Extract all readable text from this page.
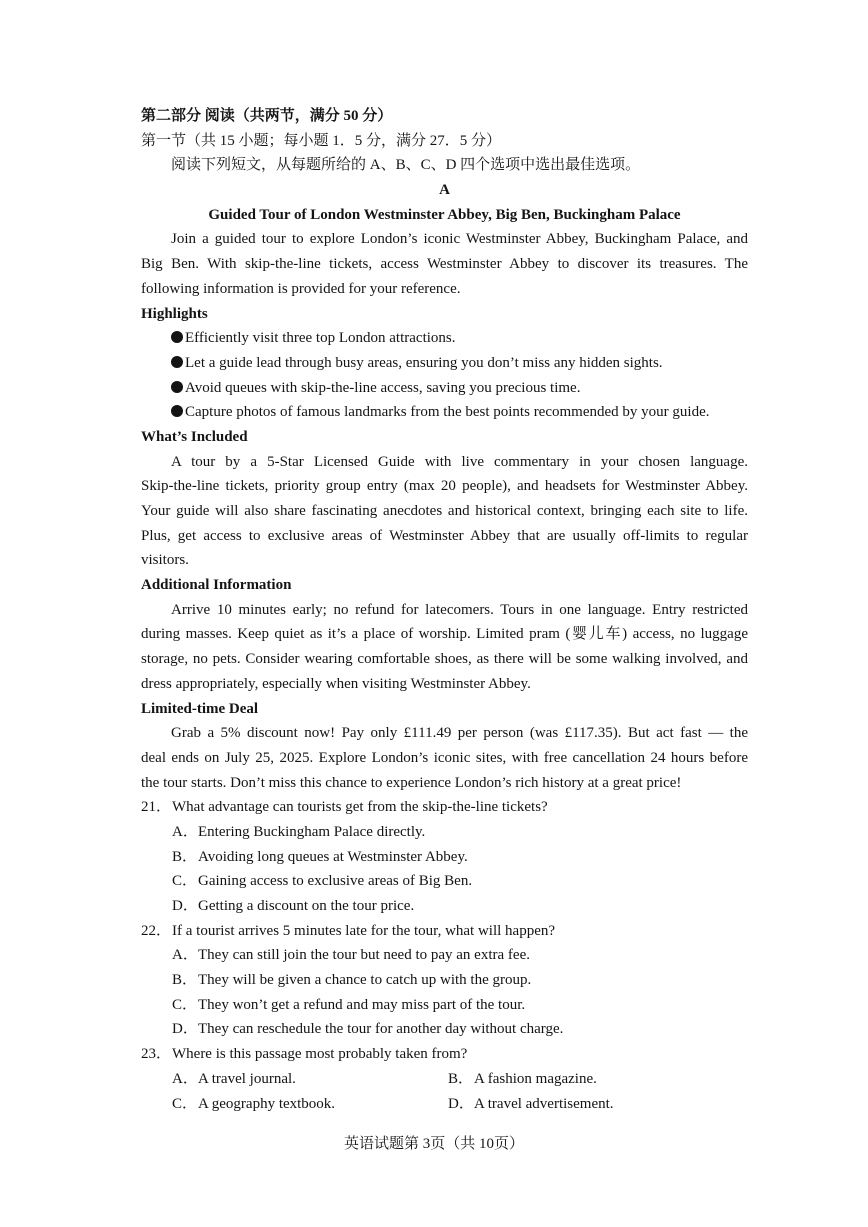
第二部分 阅读（共两节，满分 50 分）
第一节（共 15 小题；每小题 1．5 分，满分 27．5 分）
阅读下列短文，从每题所给的 A、B、C、D 四个选项中选出最佳选项。
A
Guided Tour of London Westminster Abbey, Big Ben, Buckingham Palace
Join a guided tour to explore London’s iconic Westminster Abbey, Buckingham Palace, and
Big Ben. With skip-the-line tickets, access Westminster Abbey to discover its treasures. The
following information is provided for your reference.
Highlights
Efficiently visit three top London attractions.
Let a guide lead through busy areas, ensuring you don’t miss any hidden sights.
Avoid queues with skip-the-line access, saving you precious time.
Capture photos of famous landmarks from the best points recommended by your guide.
What’s Included
A tour by a 5-Star Licensed Guide with live commentary in your chosen language.
Skip-the-line tickets, priority group entry (max 20 people), and headsets for Westminster Abbey.
Your guide will also share fascinating anecdotes and historical context, bringing each site to life.
Plus, get access to exclusive areas of Westminster Abbey that are usually off-limits to regular
visitors.
Additional Information
Arrive 10 minutes early; no refund for latecomers. Tours in one language. Entry restricted
during masses. Keep quiet as it’s a place of worship. Limited pram (婴儿车) access, no luggage
storage, no pets. Consider wearing comfortable shoes, as there will be some walking involved, and
dress appropriately, especially when visiting Westminster Abbey.
Limited-time Deal
Grab a 5% discount now! Pay only £111.49 per person (was £117.35). But act fast — the
deal ends on July 25, 2025. Explore London’s iconic sites, with free cancellation 24 hours before
the tour starts. Don’t miss this chance to experience London’s rich history at a great price!
21．What advantage can tourists get from the skip-the-line tickets?
A．Entering Buckingham Palace directly.
B．Avoiding long queues at Westminster Abbey.
C．Gaining access to exclusive areas of Big Ben.
D．Getting a discount on the tour price.
22．If a tourist arrives 5 minutes late for the tour, what will happen?
A．They can still join the tour but need to pay an extra fee.
B．They will be given a chance to catch up with the group.
C．They won’t get a refund and may miss part of the tour.
D．They can reschedule the tour for another day without charge.
23．Where is this passage most probably taken from?
A．A travel journal.	B．A fashion magazine.
C．A geography textbook.	D．A travel advertisement.
英语试题第 3页（共 10页）
